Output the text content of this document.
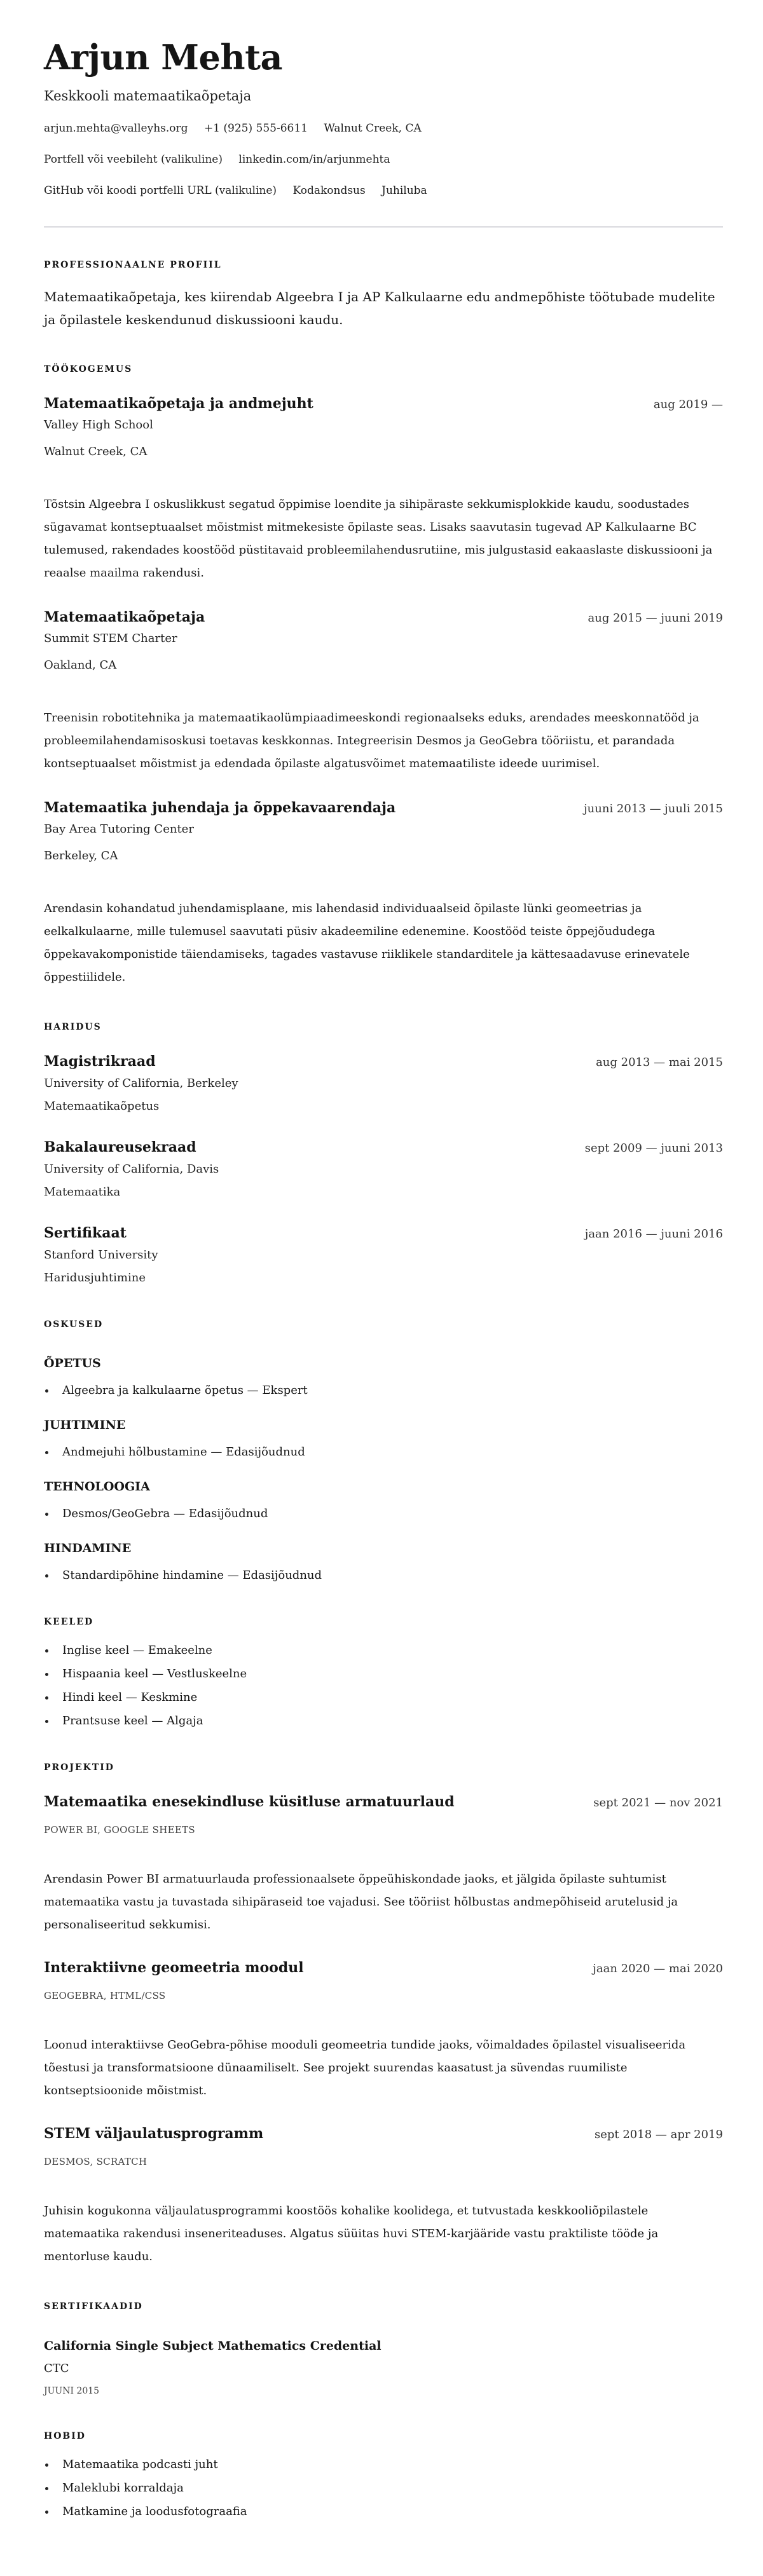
Arjun Mehta
Keskkooli matemaatikaõpetaja
arjun.mehta@valleyhs.org +1 (925) 555-6611 Walnut Creek, CA
Portfell või veebileht (valikuline) linkedin.com/in/arjunmehta
GitHub või koodi portfelli URL (valikuline) Kodakondsus Juhiluba
PROFESSIONAALNE PROFIIL

Matemaatikaõpetaja, kes kiirendab Algeebra I ja AP Kalkulaarne edu andmepõhiste töötubade mudelite ja õpilastele keskendunud diskussiooni kaudu.

TÖÖKOGEMUS
Matemaatikaõpetaja ja andmejuht	aug 2019 —
Valley High School
Walnut Creek, CA
Tõstsin Algeebra I oskuslikkust segatud õppimise loendite ja sihipäraste sekkumisplokkide kaudu, soodustades sügavamat kontseptuaalset mõistmist mitmekesiste õpilaste seas. Lisaks saavutasin tugevad AP Kalkulaarne BC tulemused, rakendades koostööd püstitavaid probleemilahendusrutiine, mis julgustasid eakaaslaste diskussiooni ja reaalse maailma rakendusi.
Matemaatikaõpetaja	aug 2015 — juuni 2019
Summit STEM Charter
Oakland, CA
Treenisin robotitehnika ja matemaatikaolümpiaadimeeskondi regionaalseks eduks, arendades meeskonnatööd ja probleemilahendamisoskusi toetavas keskkonnas. Integreerisin Desmos ja GeoGebra tööriistu, et parandada kontseptuaalset mõistmist ja edendada õpilaste algatusvõimet matemaatiliste ideede uurimisel.
Matemaatika juhendaja ja õppekavaarendaja	juuni 2013 — juuli 2015
Bay Area Tutoring Center
Berkeley, CA
Arendasin kohandatud juhendamisplaane, mis lahendasid individuaalseid õpilaste lünki geomeetrias ja eelkalkulaarne, mille tulemusel saavutati püsiv akadeemiline edenemine. Koostööd teiste õppejõududega õppekavakomponistide täiendamiseks, tagades vastavuse riiklikele standarditele ja kättesaadavuse erinevatele õppestiilidele.
HARIDUS
Magistrikraad	aug 2013 — mai 2015
University of California, Berkeley
Matemaatikaõpetus
Bakalaureusekraad	sept 2009 — juuni 2013
University of California, Davis
Matemaatika
Sertifikaat	jaan 2016 — juuni 2016
Stanford University
Haridusjuhtimine
OSKUSED
ÕPETUS
Algeebra ja kalkulaarne õpetus — Ekspert
JUHTIMINE
Andmejuhi hõlbustamine — Edasijõudnud
TEHNOLOOGIA
Desmos/GeoGebra — Edasijõudnud
HINDAMINE
Standardipõhine hindamine — Edasijõudnud
KEELED
Inglise keel — Emakeelne
Hispaania keel — Vestluskeelne
Hindi keel — Keskmine
Prantsuse keel — Algaja
PROJEKTID
Matemaatika enesekindluse küsitluse armatuurlaud	sept 2021 — nov 2021
POWER BI, GOOGLE SHEETS
Arendasin Power BI armatuurlauda professionaalsete õppeühiskondade jaoks, et jälgida õpilaste suhtumist matemaatika vastu ja tuvastada sihipäraseid toe vajadusi. See tööriist hõlbustas andmepõhiseid arutelusid ja personaliseeritud sekkumisi.
Interaktiivne geomeetria moodul	jaan 2020 — mai 2020
GEOGEBRA, HTML/CSS
Loonud interaktiivse GeoGebra-põhise mooduli geomeetria tundide jaoks, võimaldades õpilastel visualiseerida tõestusi ja transformatsioone dünaamiliselt. See projekt suurendas kaasatust ja süvendas ruumiliste kontseptsioonide mõistmist.
STEM väljaulatusprogramm	sept 2018 — apr 2019
DESMOS, SCRATCH
Juhisin kogukonna väljaulatusprogrammi koostöös kohalike koolidega, et tutvustada keskkooliõpilastele matemaatika rakendusi inseneriteaduses. Algatus süüitas huvi STEM-karjääride vastu praktiliste tööde ja mentorluse kaudu.
SERTIFIKAADID
California Single Subject Mathematics Credential
CTC
JUUNI 2015
HOBID
Matemaatika podcasti juht
Maleklubi korraldaja
Matkamine ja loodusfotograafia
